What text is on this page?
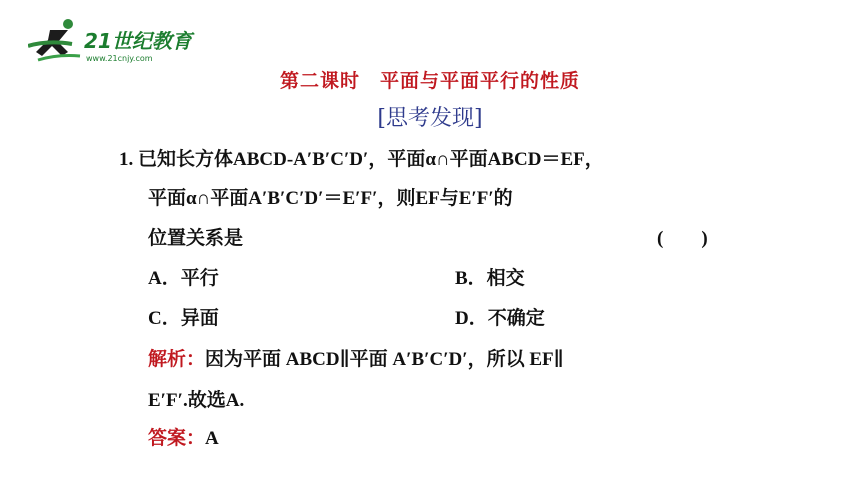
21世纪教育
www.21cnjy.com
第二课时　平面与平面平行的性质
[思考发现]
1. 已知长方体ABCD-A′B′C′D′，平面α∩平面ABCD＝EF，
平面α∩平面A′B′C′D′＝E′F′，则EF与E′F′的
位置关系是	(　　)
A．平行	B．相交
C．异面	D．不确定
解析：因为平面 ABCD∥平面 A′B′C′D′，所以 EF∥
E′F′.故选A.
答案：A
